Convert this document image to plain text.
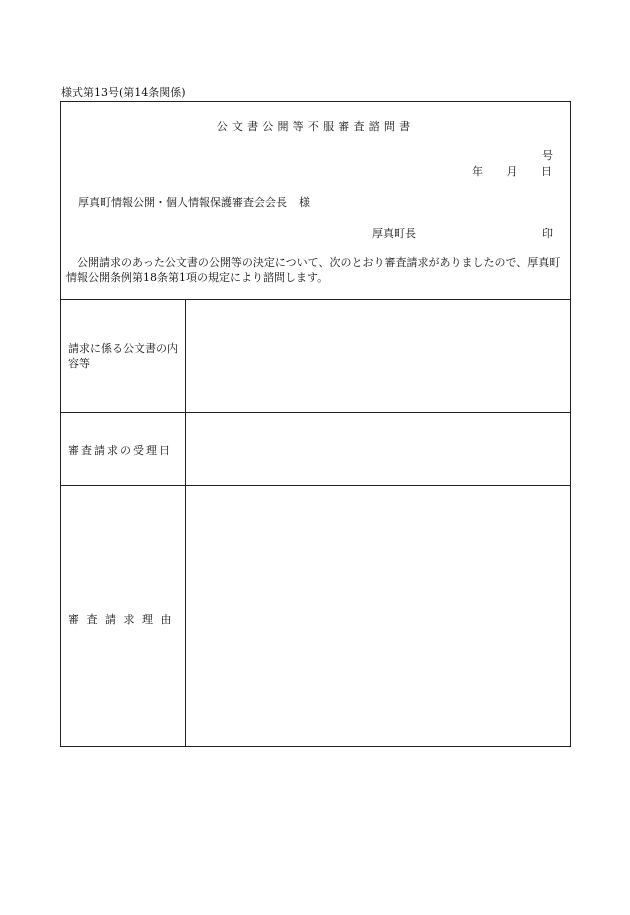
様式第13号(第14条関係)
公文書公開等不服審査諮問書
号
年 月 日
厚真町情報公開・個人情報保護審査会会長 様
厚真町長	印
公開請求のあった公文書の公開等の決定について、次のとおり審査請求がありましたので、厚真町情報公開条例第18条第1項の規定により諮問します。
請求に係る公文書の内容等
審査請求の受理日
審査請求理由
